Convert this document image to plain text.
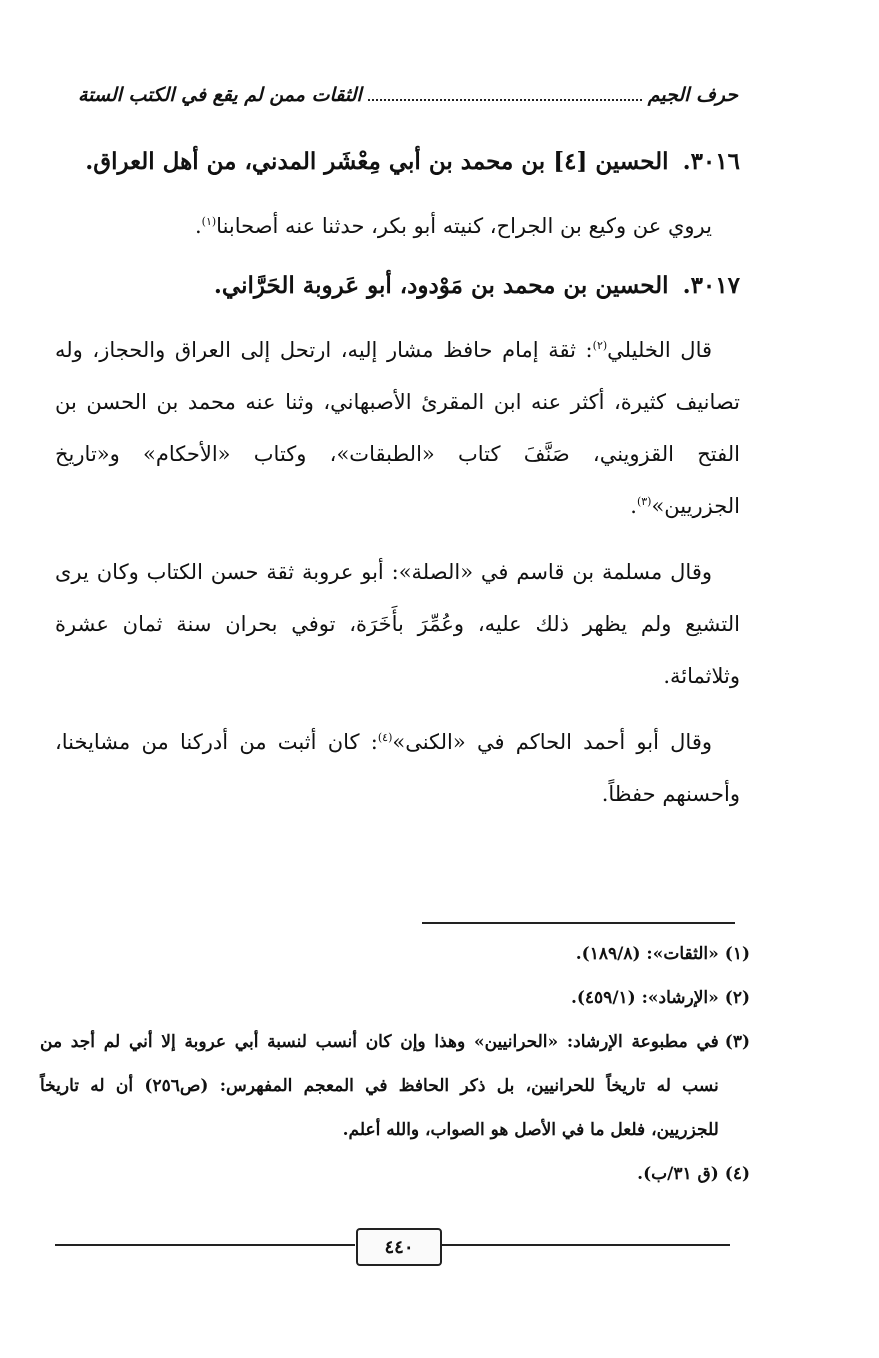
حرف الجيم
الثقات ممن لم يقع في الكتب الستة
٣٠١٦.الحسين [٤] بن محمد بن أبي مِعْشَر المدني، من أهل العراق.

يروي عن وكيع بن الجراح، كنيته أبو بكر، حدثنا عنه أصحابنا$^{(١)}$.

٣٠١٧.الحسين بن محمد بن مَوْدود، أبو عَروبة الحَرَّاني.

قال الخليلي$^{(٢)}$: ثقة إمام حافظ مشار إليه، ارتحل إلى العراق والحجاز، وله تصانيف كثيرة، أكثر عنه ابن المقرئ الأصبهاني، وثنا عنه محمد بن الحسن بن الفتح القزويني، صَنَّفَ كتاب «الطبقات»، وكتاب «الأحكام» و«تاريخ الجزريين»$^{(٣)}$.

وقال مسلمة بن قاسم في «الصلة»: أبو عروبة ثقة حسن الكتاب وكان يرى التشيع ولم يظهر ذلك عليه، وعُمِّرَ بأَخَرَة، توفي بحران سنة ثمان عشرة وثلاثمائة.

وقال أبو أحمد الحاكم في «الكنى»$^{(٤)}$: كان أثبت من أدركنا من مشايخنا، وأحسنهم حفظاً.

(١)
«الثقات»: (١٨٩/٨).
(٢)
«الإرشاد»: (٤٥٩/١).
(٣)
في مطبوعة الإرشاد: «الحرانيين» وهذا وإن كان أنسب لنسبة أبي عروبة إلا أني لم أجد من نسب له تاريخاً للحرانيين، بل ذكر الحافظ في المعجم المفهرس: (ص٢٥٦) أن له تاريخاً للجزريين، فلعل ما في الأصل هو الصواب، والله أعلم.
(٤)
(ق ٣١/ب).
٤٤٠
